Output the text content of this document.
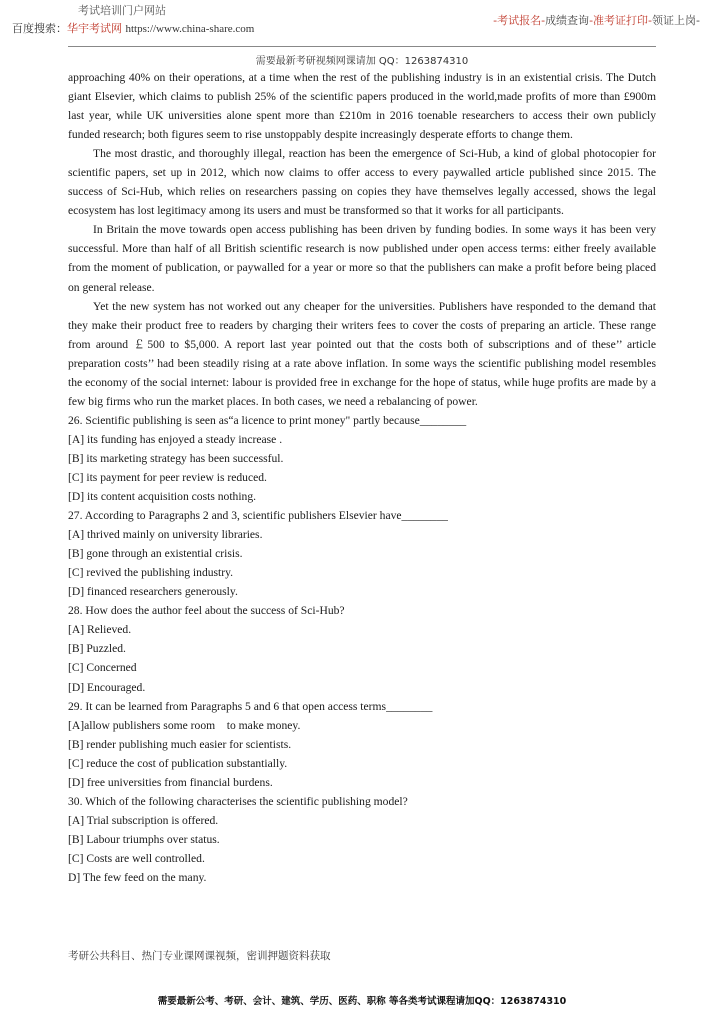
考试培训门户网站
百度搜索：华宇考试网 https://www.china-share.com
-考试报名-成绩查询-准考证打印-领证上岗-
需要最新考研视频网课请加 QQ：1263874310

approaching 40% on their operations, at a time when the rest of the publishing industry is in an existential crisis. The Dutch giant Elsevier, which claims to publish 25% of the scientific papers produced in the world,made profits of more than £900m last year, while UK universities alone spent more than £210m in 2016 toenable researchers to access their own publicly funded research; both figures seem to rise unstoppably despite increasingly desperate efforts to change them.

The most drastic, and thoroughly illegal, reaction has been the emergence of Sci-Hub, a kind of global photocopier for scientific papers, set up in 2012, which now claims to offer access to every paywalled article published since 2015. The success of Sci-Hub, which relies on researchers passing on copies they have themselves legally accessed, shows the legal ecosystem has lost legitimacy among its users and must be transformed so that it works for all participants.

In Britain the move towards open access publishing has been driven by funding bodies. In some ways it has been very successful. More than half of all British scientific research is now published under open access terms: either freely available from the moment of publication, or paywalled for a year or more so that the publishers can make a profit before being placed on general release.

Yet the new system has not worked out any cheaper for the universities. Publishers have responded to the demand that they make their product free to readers by charging their writers fees to cover the costs of preparing an article. These range from around ￡500 to $5,000. A report last year pointed out that the costs both of subscriptions and of these’’ article preparation costs’’ had been steadily rising at a rate above inflation. In some ways the scientific publishing model resembles the economy of the social internet: labour is provided free in exchange for the hope of status, while huge profits are made by a few big firms who run the market places. In both cases, we need a rebalancing of power.

26. Scientific publishing is seen as“a licence to print money" partly because________
[A] its funding has enjoyed a steady increase .
[B] its marketing strategy has been successful.
[C] its payment for peer review is reduced.
[D] its content acquisition costs nothing.
27. According to Paragraphs 2 and 3, scientific publishers Elsevier have________
[A] thrived mainly on university libraries.
[B] gone through an existential crisis.
[C] revived the publishing industry.
[D] financed researchers generously.
28. How does the author feel about the success of Sci-Hub?
[A] Relieved.
[B] Puzzled.
[C] Concerned
[D] Encouraged.
29. It can be learned from Paragraphs 5 and 6 that open access terms________
[A]allow publishers some room    to make money.
[B] render publishing much easier for scientists.
[C] reduce the cost of publication substantially.
[D] free universities from financial burdens.
30. Which of the following characterises the scientific publishing model?
[A] Trial subscription is offered.
[B] Labour triumphs over status.
[C] Costs are well controlled.
D] The few feed on the many.
考研公共科目、热门专业课网课视频，密训押题资料获取
需要最新公考、考研、会计、建筑、学历、医药、职称 等各类考试课程请加QQ：1263874310
